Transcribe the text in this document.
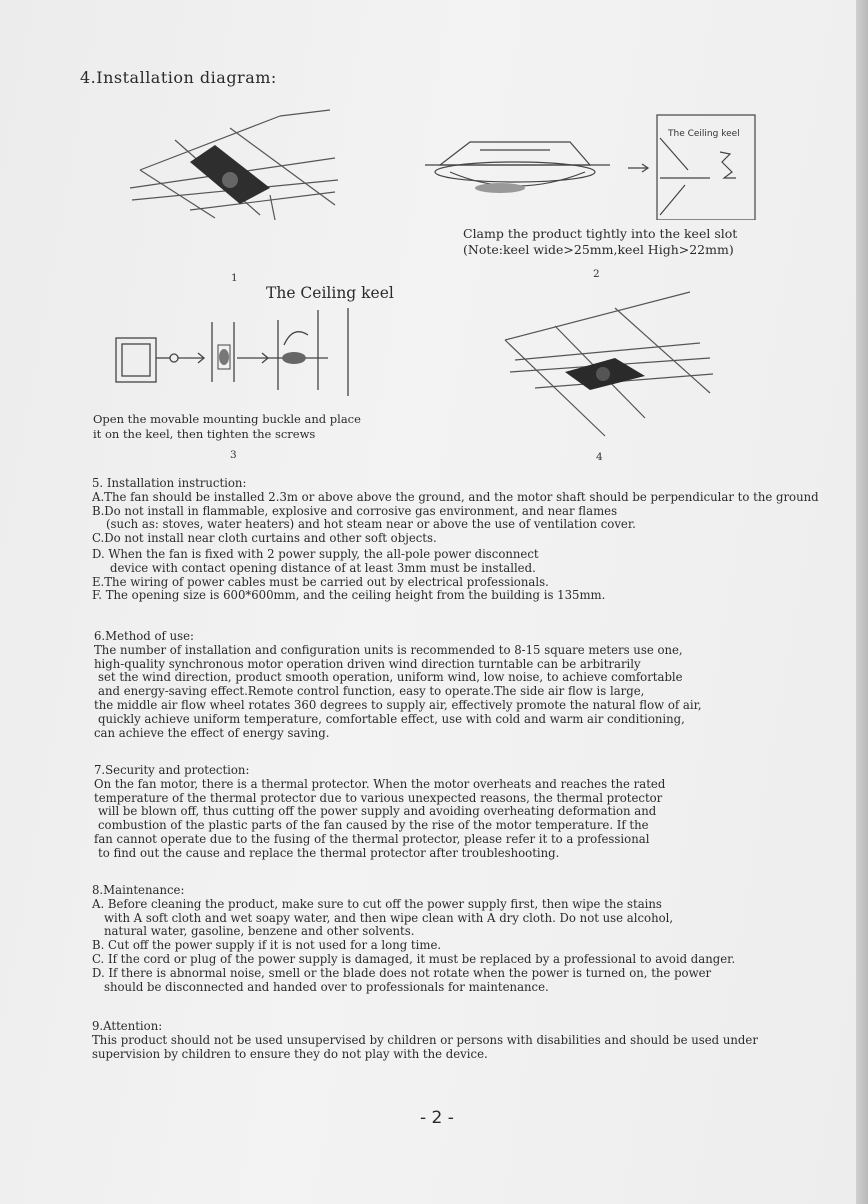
4.Installation diagram:
1
The Ceiling keel
Clamp the product tightly into the keel slot
(Note:keel wide>25mm,keel High>22mm)
2
The Ceiling keel
Open the movable mounting buckle and place
it on the keel, then tighten the screws
3	4
5. Installation instruction:
A.The fan should be installed 2.3m or above above the ground, and the motor shaft should be perpendicular to the ground
B.Do not install in flammable, explosive and corrosive gas environment, and near flames
(such as: stoves, water heaters) and hot steam near or above the use of ventilation cover.
C.Do not install near cloth curtains and other soft objects.
D. When the fan is fixed with 2 power supply, the all-pole power disconnect
device with contact opening distance of at least 3mm must be installed.
E.The wiring of power cables must be carried out by electrical professionals.
F. The opening size is 600*600mm, and the ceiling height from the building is 135mm.
6.Method of use:
The number of installation and configuration units is recommended to 8-15 square meters use one,
high-quality synchronous motor operation driven wind direction turntable can be arbitrarily
set the wind direction, product smooth operation, uniform wind, low noise, to achieve comfortable
and energy-saving effect.Remote control function, easy to operate.The side air flow is large,
the middle air flow wheel rotates 360 degrees to supply air, effectively promote the natural flow of air,
quickly achieve uniform temperature, comfortable effect, use with cold and warm air conditioning,
can achieve the effect of energy saving.
7.Security and protection:
On the fan motor, there is a thermal protector. When the motor overheats and reaches the rated
temperature of the thermal protector due to various unexpected reasons, the thermal protector
will be blown off, thus cutting off the power supply and avoiding overheating deformation and
combustion of the plastic parts of the fan caused by the rise of the motor temperature. If the
fan cannot operate due to the fusing of the thermal protector, please refer it to a professional
to find out the cause and replace the thermal protector after troubleshooting.
8.Maintenance:
A. Before cleaning the product, make sure to cut off the power supply first, then wipe the stains
with A soft cloth and wet soapy water, and then wipe clean with A dry cloth. Do not use alcohol,
natural water, gasoline, benzene and other solvents.
B. Cut off the power supply if it is not used for a long time.
C. If the cord or plug of the power supply is damaged, it must be replaced by a professional to avoid danger.
D. If there is abnormal noise, smell or the blade does not rotate when the power is turned on, the power
should be disconnected and handed over to professionals for maintenance.
9.Attention:
This product should not be used unsupervised by children or persons with disabilities and should be used under
supervision by children to ensure they do not play with the device.
- 2 -
